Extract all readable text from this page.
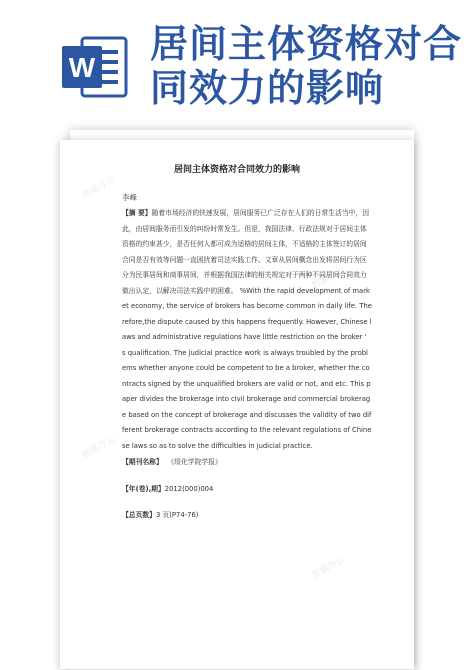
W
居间主体资格对合同效力的影响
熊猫办公
熊猫办公
熊猫办公
熊猫办公
居间主体资格对合同效力的影响
李峰
【摘 要】随着市场经济的快速发展，居间服务已广泛存在人们的日常生活当中，因此，由居间服务而引发的纠纷时常发生。但是，我国法律、行政法规对于居间主体资格的约束甚少，是否任何人都可成为适格的居间主体，不适格的主体签订的居间合同是否有效等问题一直困扰着司法实践工作。文章从居间概念出发将居间行为区分为民事居间和商事居间，并根据我国法律的相关规定对于两种不同居间合同效力做出认定，以解决司法实践中的困难。 %With the rapid development of market economy, the service of brokers has become common in daily life. Therefore,the dispute caused by this happens frequently. However, Chinese laws and administrative regulations have little restriction on the broker ' s qualification. The judicial practice work is always troubled by the problems whether anyone could be competent to be a broker, whether the contracts signed by the unqualified brokers are valid or not, and etc. This paper divides the brokerage into civil brokerage and commercial brokerage based on the concept of brokerage and discusses the validity of two different brokerage contracts according to the relevant regulations of Chinese laws so as to solve the difficulties in judicial practice.
【期刊名称】 《绥化学院学报》
【年(卷),期】2012(000)004
【总页数】3 页(P74-76)
